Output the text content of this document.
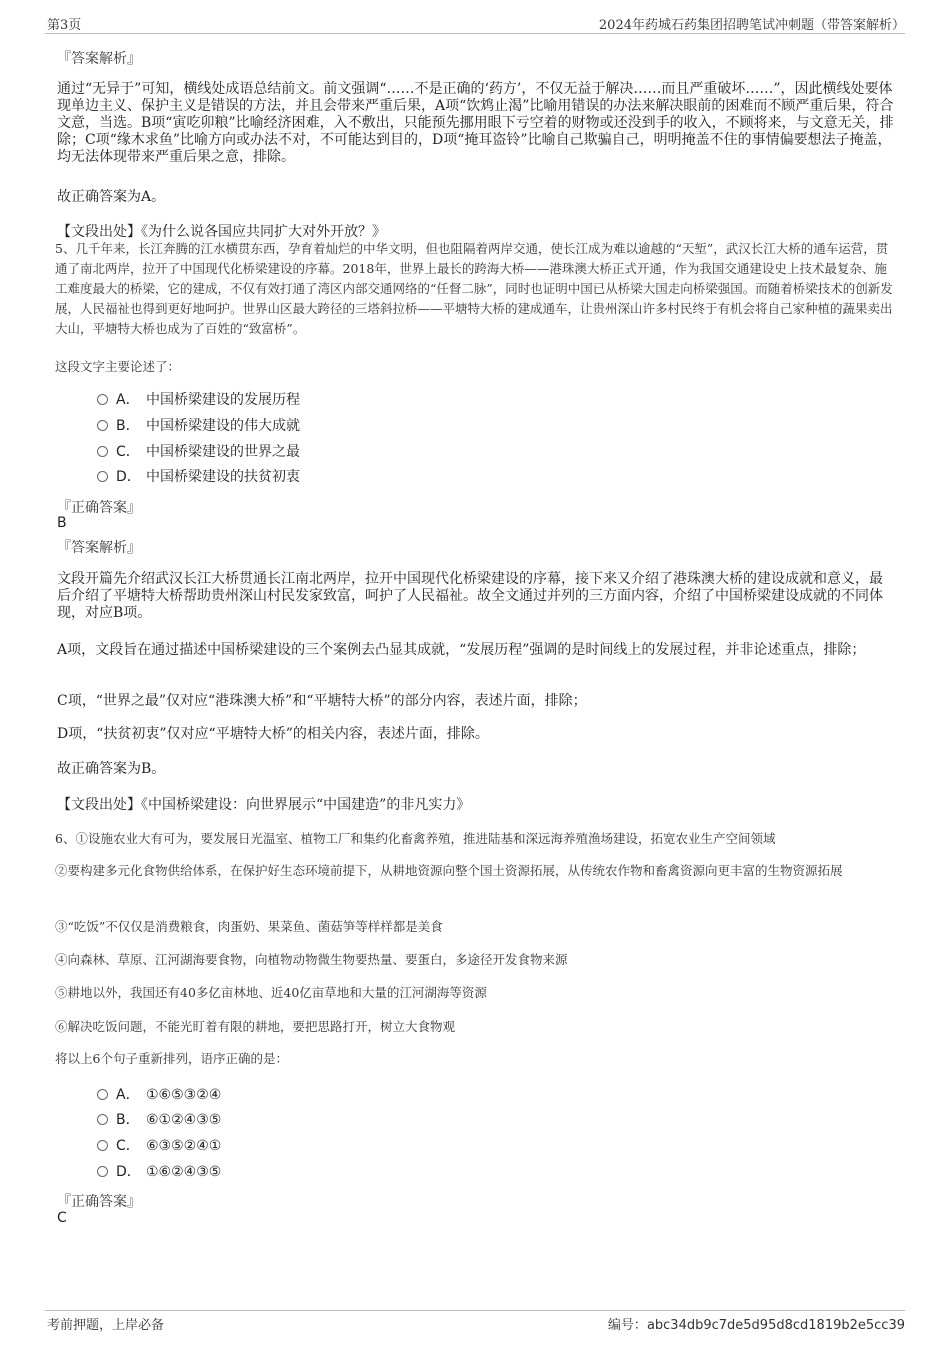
第3页	2024年药城石药集团招聘笔试冲刺题（带答案解析）
『答案解析』
通过“无异于”可知，横线处成语总结前文。前文强调“……不是正确的‘药方’，不仅无益于解决……而且严重破坏……”，因此横线处要体现单边主义、保护主义是错误的方法，并且会带来严重后果，A项“饮鸩止渴”比喻用错误的办法来解决眼前的困难而不顾严重后果，符合文意，当选。B项“寅吃卯粮”比喻经济困难，入不敷出，只能预先挪用眼下亏空着的财物或还没到手的收入，不顾将来，与文意无关，排除；C项“缘木求鱼”比喻方向或办法不对，不可能达到目的，D项“掩耳盗铃”比喻自己欺骗自己，明明掩盖不住的事情偏要想法子掩盖，均无法体现带来严重后果之意，排除。
故正确答案为A。
【文段出处】《为什么说各国应共同扩大对外开放？》
5、几千年来，长江奔腾的江水横贯东西，孕育着灿烂的中华文明，但也阻隔着两岸交通，使长江成为难以逾越的“天堑”，武汉长江大桥的通车运营，贯通了南北两岸，拉开了中国现代化桥梁建设的序幕。2018年，世界上最长的跨海大桥——港珠澳大桥正式开通，作为我国交通建设史上技术最复杂、施工难度最大的桥梁，它的建成，不仅有效打通了湾区内部交通网络的“任督二脉”，同时也证明中国已从桥梁大国走向桥梁强国。而随着桥梁技术的创新发展，人民福祉也得到更好地呵护。世界山区最大跨径的三塔斜拉桥——平塘特大桥的建成通车，让贵州深山许多村民终于有机会将自己家种植的蔬果卖出大山，平塘特大桥也成为了百姓的“致富桥”。
这段文字主要论述了：
A． 中国桥梁建设的发展历程
B． 中国桥梁建设的伟大成就
C． 中国桥梁建设的世界之最
D． 中国桥梁建设的扶贫初衷
『正确答案』
B
『答案解析』
文段开篇先介绍武汉长江大桥贯通长江南北两岸，拉开中国现代化桥梁建设的序幕，接下来又介绍了港珠澳大桥的建设成就和意义，最后介绍了平塘特大桥帮助贵州深山村民发家致富，呵护了人民福祉。故全文通过并列的三方面内容，介绍了中国桥梁建设成就的不同体现，对应B项。
A项，文段旨在通过描述中国桥梁建设的三个案例去凸显其成就，“发展历程”强调的是时间线上的发展过程，并非论述重点，排除；
C项，“世界之最”仅对应“港珠澳大桥”和“平塘特大桥”的部分内容，表述片面，排除；
D项，“扶贫初衷”仅对应“平塘特大桥”的相关内容，表述片面，排除。
故正确答案为B。
【文段出处】《中国桥梁建设：向世界展示“中国建造”的非凡实力》
6、①设施农业大有可为，要发展日光温室、植物工厂和集约化畜禽养殖，推进陆基和深远海养殖渔场建设，拓宽农业生产空间领域
②要构建多元化食物供给体系，在保护好生态环境前提下，从耕地资源向整个国土资源拓展，从传统农作物和畜禽资源向更丰富的生物资源拓展
③“吃饭”不仅仅是消费粮食，肉蛋奶、果菜鱼、菌菇笋等样样都是美食
④向森林、草原、江河湖海要食物，向植物动物微生物要热量、要蛋白，多途径开发食物来源
⑤耕地以外，我国还有40多亿亩林地、近40亿亩草地和大量的江河湖海等资源
⑥解决吃饭问题，不能光盯着有限的耕地，要把思路打开，树立大食物观
将以上6个句子重新排列，语序正确的是：
A． ①⑥⑤③②④
B． ⑥①②④③⑤
C． ⑥③⑤②④①
D． ①⑥②④③⑤
『正确答案』
C
考前押题，上岸必备	编号：abc34db9c7de5d95d8cd1819b2e5cc39
